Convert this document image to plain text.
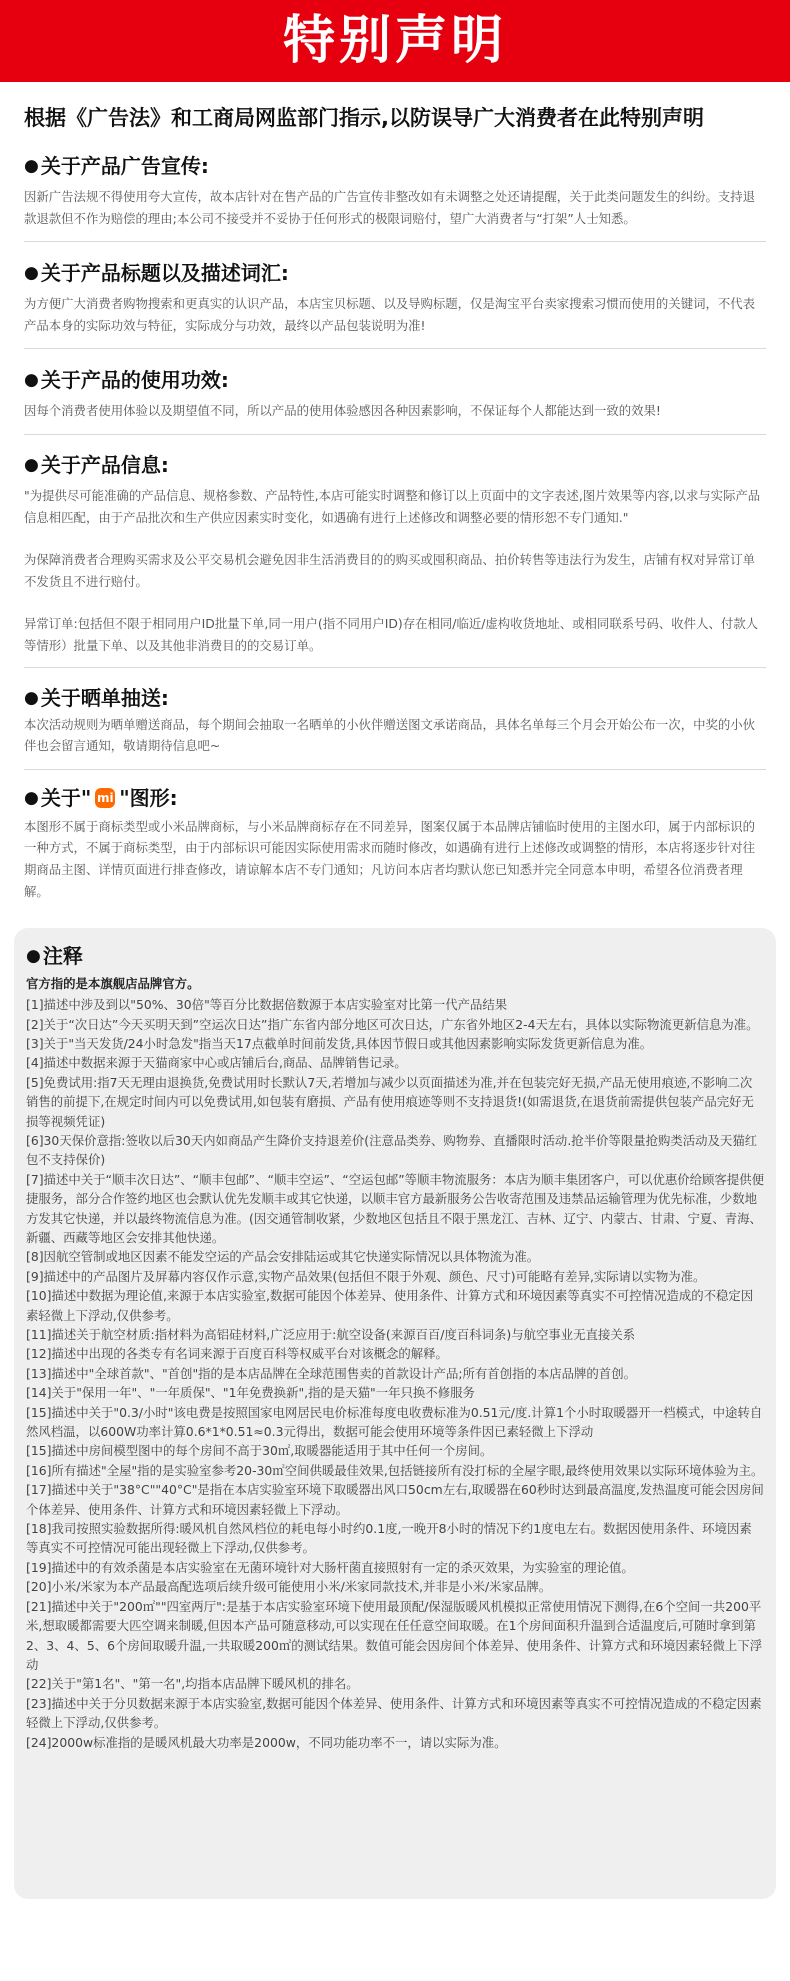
特别声明
根据《广告法》和工商局网监部门指示,以防误导广大消费者在此特别声明
● 关于产品广告宣传:

因新广告法规不得使用夸大宣传，故本店针对在售产品的广告宣传非整改如有未调整之处还请提醒，关于此类问题发生的纠纷。支持退款退款但不作为赔偿的理由;本公司不接受并不妥协于任何形式的极限词赔付，望广大消费者与“打架”人士知悉。

● 关于产品标题以及描述词汇:

为方便广大消费者购物搜索和更真实的认识产品，本店宝贝标题、以及导购标题，仅是淘宝平台卖家搜索习惯而使用的关键词，不代表产品本身的实际功效与特征，实际成分与功效，最终以产品包装说明为准!

● 关于产品的使用功效:

因每个消费者使用体验以及期望值不同，所以产品的使用体验感因各种因素影响，不保证每个人都能达到一致的效果!

● 关于产品信息:

"为提供尽可能准确的产品信息、规格参数、产品特性,本店可能实时调整和修订以上页面中的文字表述,图片效果等内容,以求与实际产品信息相匹配，由于产品批次和生产供应因素实时变化，如遇确有进行上述修改和调整必要的情形恕不专门通知."

为保障消费者合理购买需求及公平交易机会避免因非生活消费目的的购买或囤积商品、拍价转售等违法行为发生，店铺有权对异常订单不发货且不进行赔付。

异常订单:包括但不限于相同用户ID批量下单,同一用户(指不同用户ID)存在相同/临近/虚构收货地址、或相同联系号码、收件人、付款人等情形）批量下单、以及其他非消费目的的交易订单。

● 关于晒单抽送:

本次活动规则为晒单赠送商品，每个期间会抽取一名晒单的小伙伴赠送图文承诺商品，具体名单每三个月会开始公布一次，中奖的小伙伴也会留言通知，敬请期待信息吧~

● 关于" mi "图形:

本图形不属于商标类型或小米品牌商标，与小米品牌商标存在不同差异，图案仅属于本品牌店铺临时使用的主图水印，属于内部标识的一种方式，不属于商标类型，由于内部标识可能因实际使用需求而随时修改，如遇确有进行上述修改或调整的情形，本店将逐步针对往期商品主图、详情页面进行排查修改，请谅解本店不专门通知；凡访问本店者均默认您已知悉并完全同意本申明，希望各位消费者理解。

● 注释
官方指的是本旗舰店品牌官方。
[1]描述中涉及到以"50%、30倍"等百分比数据倍数源于本店实验室对比第一代产品结果
[2]关于“次日达”今天买明天到”空运次日达”指广东省内部分地区可次日达，广东省外地区2-4天左右，具体以实际物流更新信息为准。
[3]关于"当天发货/24小时急发"指当天17点截单时间前发货,具体因节假日或其他因素影响实际发货更新信息为准。
[4]描述中数据来源于天猫商家中心或店铺后台,商品、品牌销售记录。
[5]免费试用:指7天无理由退换货,免费试用时长默认7天,若增加与减少以页面描述为准,并在包装完好无损,产品无使用痕迹,不影响二次销售的前提下,在规定时间内可以免费试用,如包装有磨损、产品有使用痕迹等则不支持退货!(如需退货,在退货前需提供包装产品完好无损等视频凭证)
[6]30天保价意指:签收以后30天内如商品产生降价支持退差价(注意品类券、购物券、直播限时活动.抢半价等限量抢购类活动及天猫红包不支持保价)
[7]描述中关于“顺丰次日达”、“顺丰包邮”、“顺丰空运”、“空运包邮”等顺丰物流服务：本店为顺丰集团客户，可以优惠价给顾客提供便捷服务，部分合作签约地区也会默认优先发顺丰或其它快递，以顺丰官方最新服务公告收寄范围及违禁品运输管理为优先标准，少数地方发其它快递，并以最终物流信息为准。(因交通管制收紧，少数地区包括且不限于黑龙江、吉林、辽宁、内蒙古、甘肃、宁夏、青海、新疆、西藏等地区会安排其他快递。
[8]因航空管制或地区因素不能发空运的产品会安排陆运或其它快递实际情况以具体物流为准。
[9]描述中的产品图片及屏幕内容仅作示意,实物产品效果(包括但不限于外观、颜色、尺寸)可能略有差异,实际请以实物为准。
[10]描述中数据为理论值,来源于本店实验室,数据可能因个体差异、使用条件、计算方式和环境因素等真实不可控情况造成的不稳定因素轻微上下浮动,仅供参考。
[11]描述关于航空材质:指材料为高铝硅材料,广泛应用于:航空设备(来源百百/度百科词条)与航空事业无直接关系
[12]描述中出现的各类专有名词来源于百度百科等权威平台对该概念的解释。
[13]描述中"全球首款"、"首创"指的是本店品牌在全球范围售卖的首款设计产品;所有首创指的本店品牌的首创。
[14]关于"保用一年"、"一年质保"、"1年免费换新",指的是天猫"一年只换不修服务
[15]描述中关于"0.3/小时"该电费是按照国家电网居民电价标准每度电收费标准为0.51元/度.计算1个小时取暖器开一档模式，中途转自然风档温，以600W功率计算0.6*1*0.51≈0.3元得出，数据可能会使用环境等条件因已素轻微上下浮动
[15]描述中房间模型图中的每个房间不高于30㎡,取暖器能适用于其中任何一个房间。
[16]所有描述"全屋"指的是实验室参考20-30㎡空间供暖最佳效果,包括链接所有没打标的全屋字眼,最终使用效果以实际环境体验为主。
[17]描述中关于"38°C""40°C"是指在本店实验室环境下取暖器出风口50cm左右,取暖器在60秒时达到最高温度,发热温度可能会因房间个体差异、使用条件、计算方式和环境因素轻微上下浮动。
[18]我司按照实验数据所得:暖风机自然风档位的耗电每小时约0.1度,一晚开8小时的情况下约1度电左右。数据因使用条件、环境因素等真实不可控情况可能出现轻微上下浮动,仅供参考。
[19]描述中的有效杀菌是本店实验室在无菌环境针对大肠杆菌直接照射有一定的杀灭效果，为实验室的理论值。
[20]小米/米家为本产品最高配选项后续升级可能使用小米/米家同款技术,并非是小米/米家品牌。
[21]描述中关于"200㎡""四室两厅":是基于本店实验室环境下使用最顶配/保湿版暖风机模拟正常使用情况下测得,在6个空间一共200平米,想取暖都需要大匹空调来制暖,但因本产品可随意移动,可以实现在任任意空间取暖。在1个房间面积升温到合适温度后,可随时拿到第2、3、4、5、6个房间取暖升温,一共取暖200㎡的测试结果。数值可能会因房间个体差异、使用条件、计算方式和环境因素轻微上下浮动
[22]关于"第1名"、"第一名",均指本店品牌下暖风机的排名。
[23]描述中关于分贝数据来源于本店实验室,数据可能因个体差异、使用条件、计算方式和环境因素等真实不可控情况造成的不稳定因素轻微上下浮动,仅供参考。
[24]2000w标准指的是暖风机最大功率是2000w，不同功能功率不一，请以实际为准。
